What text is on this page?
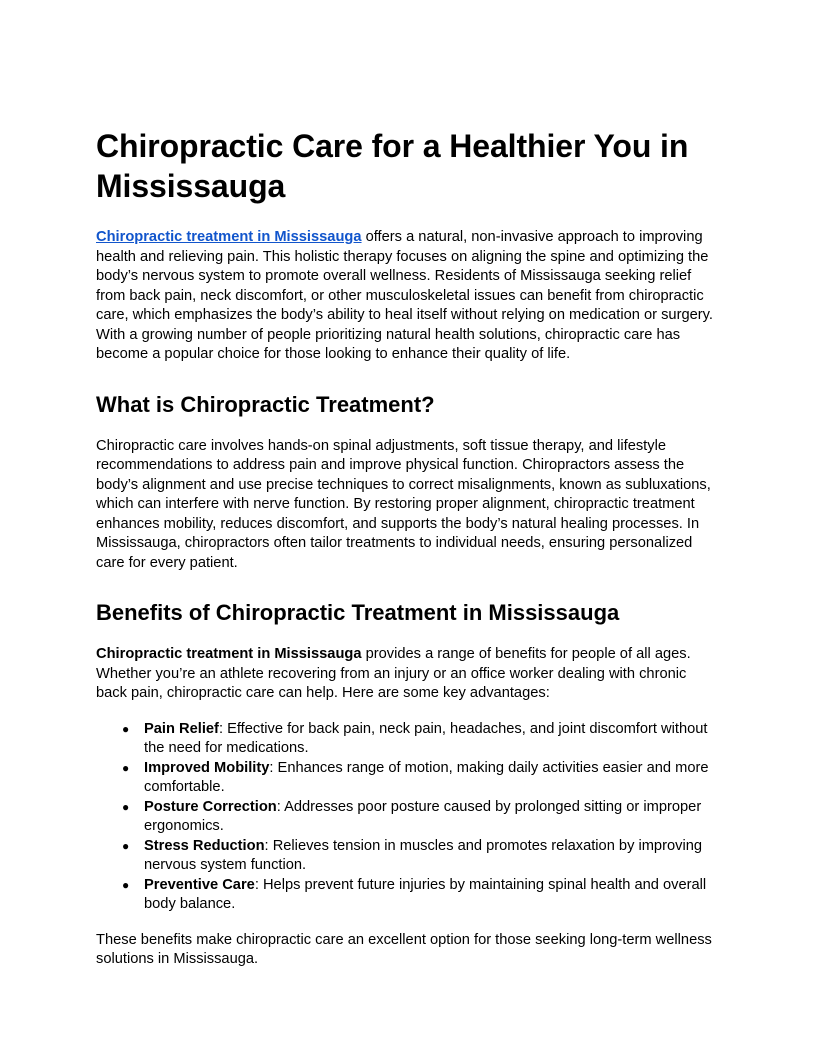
Chiropractic Care for a Healthier You in Mississauga

Chiropractic treatment in Mississauga offers a natural, non-invasive approach to improving health and relieving pain. This holistic therapy focuses on aligning the spine and optimizing the body’s nervous system to promote overall wellness. Residents of Mississauga seeking relief from back pain, neck discomfort, or other musculoskeletal issues can benefit from chiropractic care, which emphasizes the body’s ability to heal itself without relying on medication or surgery. With a growing number of people prioritizing natural health solutions, chiropractic care has become a popular choice for those looking to enhance their quality of life.

What is Chiropractic Treatment?

Chiropractic care involves hands-on spinal adjustments, soft tissue therapy, and lifestyle recommendations to address pain and improve physical function. Chiropractors assess the body’s alignment and use precise techniques to correct misalignments, known as subluxations, which can interfere with nerve function. By restoring proper alignment, chiropractic treatment enhances mobility, reduces discomfort, and supports the body’s natural healing processes. In Mississauga, chiropractors often tailor treatments to individual needs, ensuring personalized care for every patient.

Benefits of Chiropractic Treatment in Mississauga

Chiropractic treatment in Mississauga provides a range of benefits for people of all ages. Whether you’re an athlete recovering from an injury or an office worker dealing with chronic back pain, chiropractic care can help. Here are some key advantages:

● Pain Relief: Effective for back pain, neck pain, headaches, and joint discomfort without the need for medications.
● Improved Mobility: Enhances range of motion, making daily activities easier and more comfortable.
● Posture Correction: Addresses poor posture caused by prolonged sitting or improper ergonomics.
● Stress Reduction: Relieves tension in muscles and promotes relaxation by improving nervous system function.
● Preventive Care: Helps prevent future injuries by maintaining spinal health and overall body balance.

These benefits make chiropractic care an excellent option for those seeking long-term wellness solutions in Mississauga.
